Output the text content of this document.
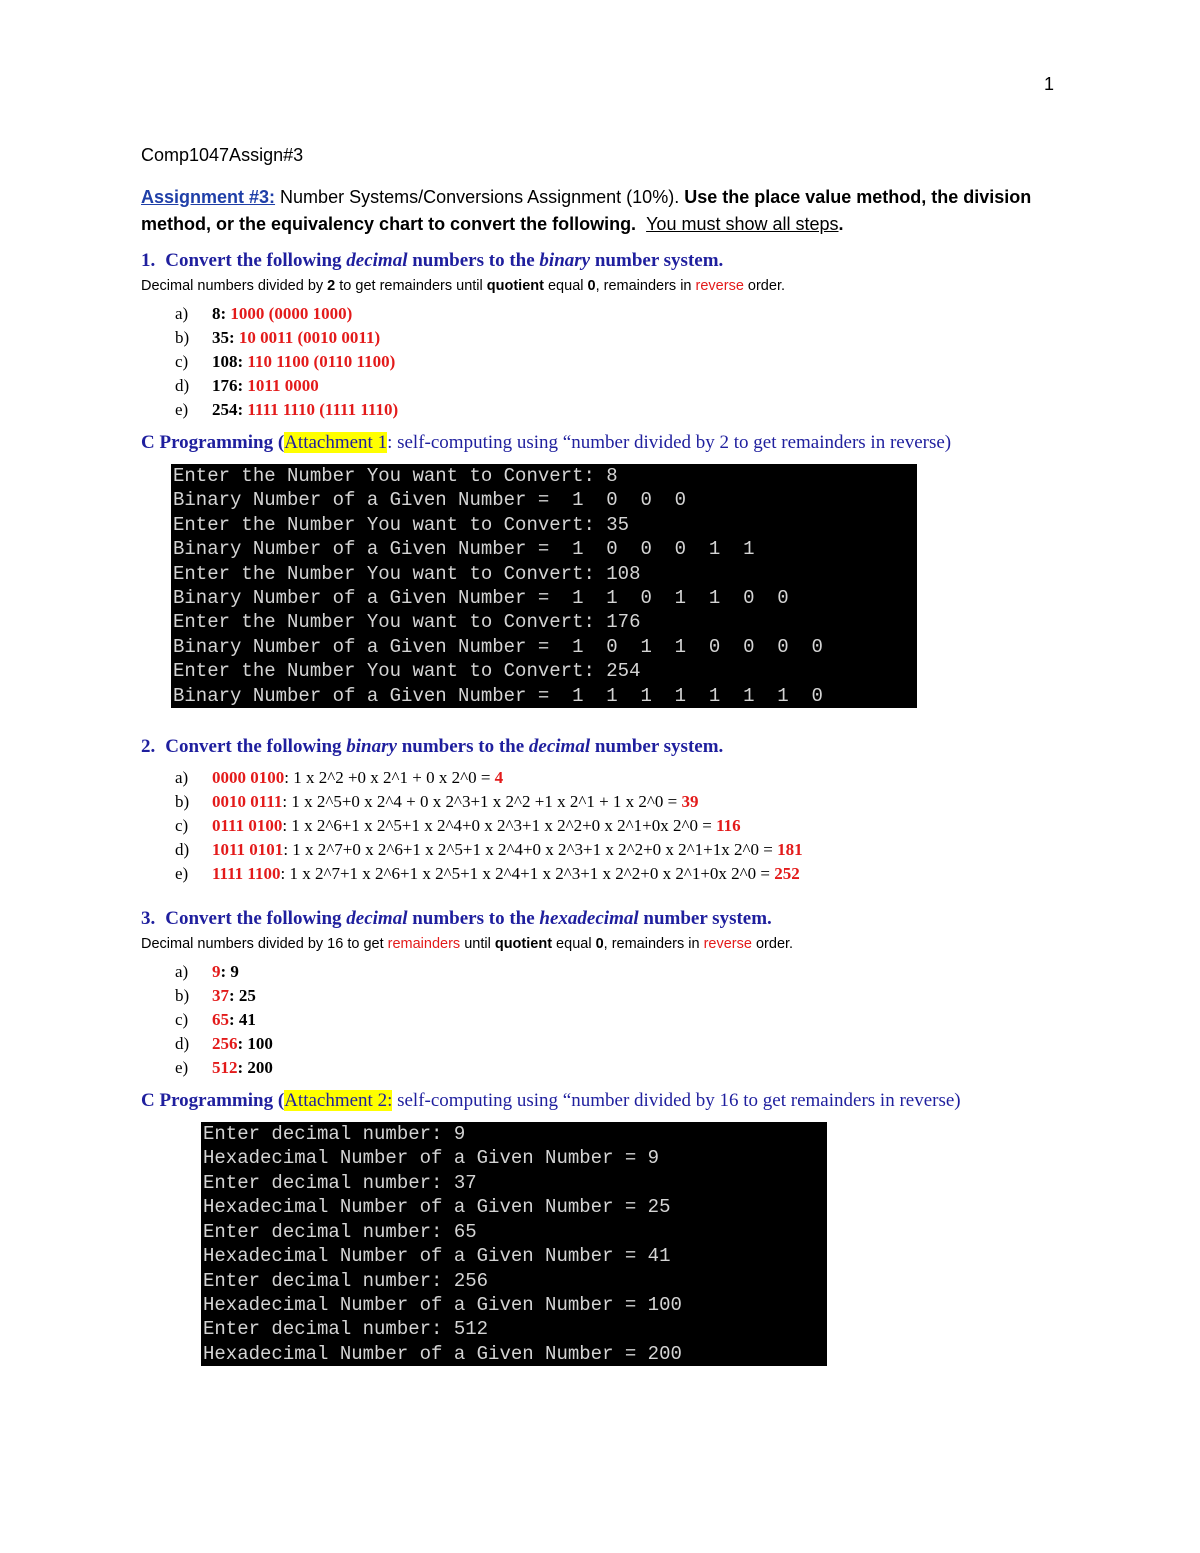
1
Comp1047Assign#3

Assignment #3: Number Systems/Conversions Assignment (10%). Use the place value method, the division method, or the equivalency chart to convert the following. You must show all steps.

1. Convert the following decimal numbers to the binary number system.
Decimal numbers divided by 2 to get remainders until quotient equal 0, remainders in reverse order.
a)	8:
1000 (0000 1000)
b)	35:
10 0011 (0010 0011)
c)	108:
110 1100 (0110 1100)
d)	176:
1011 0000
e)	254:
1111 1110 (1111 1110)
C Programming (Attachment 1: self-computing using “number divided by 2 to get remainders in reverse)
Enter the Number You want to Convert: 8
Binary Number of a Given Number =  1  0  0  0
Enter the Number You want to Convert: 35
Binary Number of a Given Number =  1  0  0  0  1  1
Enter the Number You want to Convert: 108
Binary Number of a Given Number =  1  1  0  1  1  0  0
Enter the Number You want to Convert: 176
Binary Number of a Given Number =  1  0  1  1  0  0  0  0
Enter the Number You want to Convert: 254
Binary Number of a Given Number =  1  1  1  1  1  1  1  0
2. Convert the following binary numbers to the decimal number system.
a)	0000 0100: 1 x 2^2 +0 x 2^1 + 0 x 2^0 = 4
b)	0010 0111: 1 x 2^5+0 x 2^4 + 0 x 2^3+1 x 2^2 +1 x 2^1 + 1 x 2^0 = 39
c)	0111 0100: 1 x 2^6+1 x 2^5+1 x 2^4+0 x 2^3+1 x 2^2+0 x 2^1+0x 2^0 = 116
d)	1011 0101: 1 x 2^7+0 x 2^6+1 x 2^5+1 x 2^4+0 x 2^3+1 x 2^2+0 x 2^1+1x 2^0 = 181
e)	1111 1100: 1 x 2^7+1 x 2^6+1 x 2^5+1 x 2^4+1 x 2^3+1 x 2^2+0 x 2^1+0x 2^0 = 252
3. Convert the following decimal numbers to the hexadecimal number system.
Decimal numbers divided by 16 to get remainders until quotient equal 0, remainders in reverse order.
a)	9 : 9
b)	37 : 25
c)	65 : 41
d)	256 : 100
e)	512 : 200
C Programming (Attachment 2: self-computing using “number divided by 16 to get remainders in reverse)
Enter decimal number: 9
Hexadecimal Number of a Given Number = 9
Enter decimal number: 37
Hexadecimal Number of a Given Number = 25
Enter decimal number: 65
Hexadecimal Number of a Given Number = 41
Enter decimal number: 256
Hexadecimal Number of a Given Number = 100
Enter decimal number: 512
Hexadecimal Number of a Given Number = 200
